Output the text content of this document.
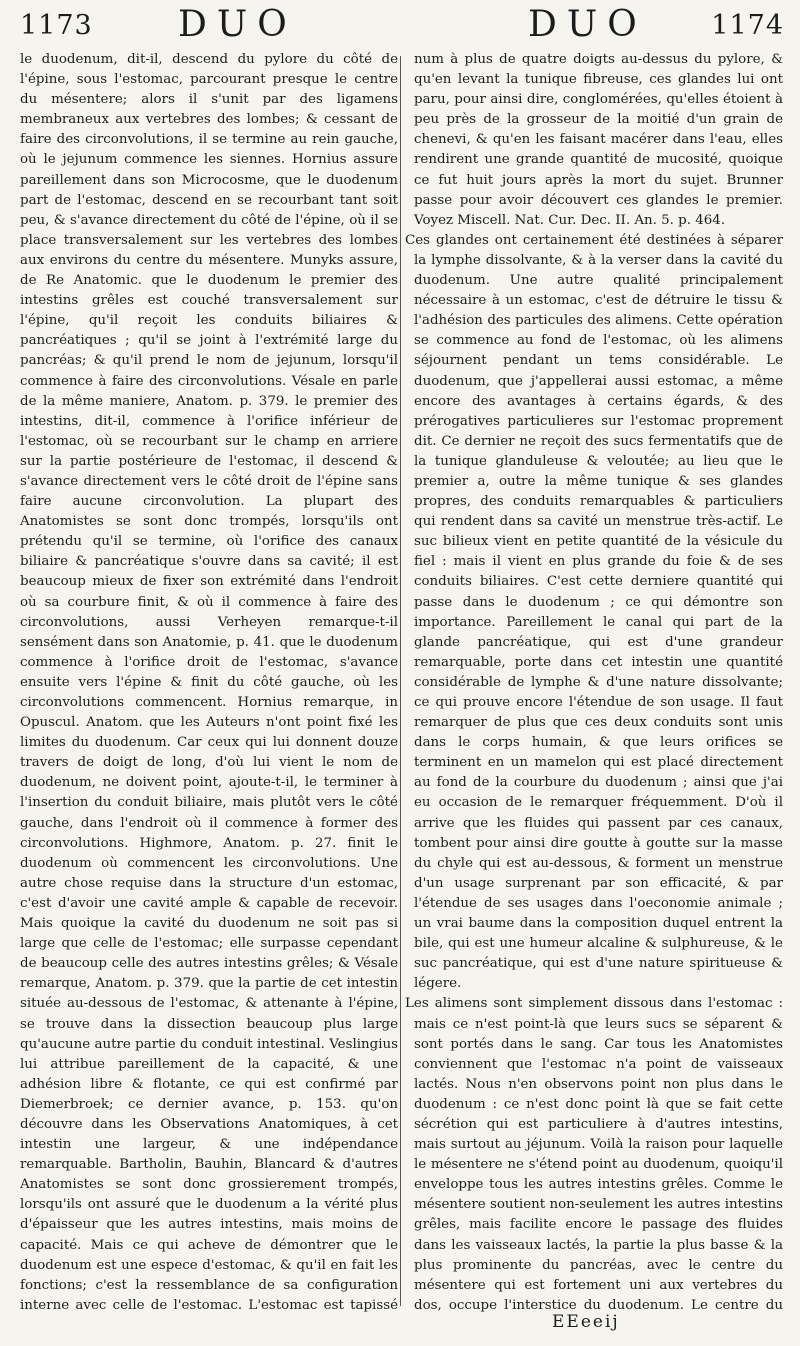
1173 DUO	DUO 1174

le duodenum, dit-il, descend du pylore du côté de l'épine, sous l'estomac, parcourant presque le centre du mésentere; alors il s'unit par des ligamens membraneux aux vertebres des lombes; & cessant de faire des circonvolutions, il se termine au rein gauche, où le jejunum commence les siennes. Hornius assure pareillement dans son Microcosme, que le duodenum part de l'estomac, descend en se recourbant tant soit peu, & s'avance directement du côté de l'épine, où il se place transversalement sur les vertebres des lombes aux environs du centre du mésentere. Munyks assure, de Re Anatomic. que le duodenum le premier des intestins grêles est couché transversalement sur l'épine, qu'il reçoit les conduits biliaires & pancréatiques ; qu'il se joint à l'extrémité large du pancréas; & qu'il prend le nom de jejunum, lorsqu'il commence à faire des circonvolutions. Vésale en parle de la même maniere, Anatom. p. 379. le premier des intestins, dit-il, commence à l'orifice inférieur de l'estomac, où se recourbant sur le champ en arriere sur la partie postérieure de l'estomac, il descend & s'avance directement vers le côté droit de l'épine sans faire aucune circonvolution. La plupart des Anatomistes se sont donc trompés, lorsqu'ils ont prétendu qu'il se termine, où l'orifice des canaux biliaire & pancréatique s'ouvre dans sa cavité; il est beaucoup mieux de fixer son extrémité dans l'endroit où sa courbure finit, & où il commence à faire des circonvolutions, aussi Verheyen remarque-t-il sensément dans son Anatomie, p. 41. que le duodenum commence à l'orifice droit de l'estomac, s'avance ensuite vers l'épine & finit du côté gauche, où les circonvolutions commencent. Hornius remarque, in Opuscul. Anatom. que les Auteurs n'ont point fixé les limites du duodenum. Car ceux qui lui donnent douze travers de doigt de long, d'où lui vient le nom de duodenum, ne doivent point, ajoute-t-il, le terminer à l'insertion du conduit biliaire, mais plutôt vers le côté gauche, dans l'endroit où il commence à former des circonvolutions. Highmore, Anatom. p. 27. finit le duodenum où commencent les circonvolutions. Une autre chose requise dans la structure d'un estomac, c'est d'avoir une cavité ample & capable de recevoir. Mais quoique la cavité du duodenum ne soit pas si large que celle de l'estomac; elle surpasse cependant de beaucoup celle des autres intestins grêles; & Vésale remarque, Anatom. p. 379. que la partie de cet intestin située au-dessous de l'estomac, & attenante à l'épine, se trouve dans la dissection beaucoup plus large qu'aucune autre partie du conduit intestinal. Veslingius lui attribue pareillement de la capacité, & une adhésion libre & flotante, ce qui est confirmé par Diemerbroek; ce dernier avance, p. 153. qu'on découvre dans les Observations Anatomiques, à cet intestin une largeur, & une indépendance remarquable. Bartholin, Bauhin, Blancard & d'autres Anatomistes se sont donc grossierement trompés, lorsqu'ils ont assuré que le duodenum a la vérité plus d'épaisseur que les autres intestins, mais moins de capacité. Mais ce qui acheve de démontrer que le duodenum est une espece d'estomac, & qu'il en fait les fonctions; c'est la ressemblance de sa configuration interne avec celle de l'estomac. L'estomac est tapissé

num à plus de quatre doigts au-dessus du pylore, & qu'en levant la tunique fibreuse, ces glandes lui ont paru, pour ainsi dire, conglomérées, qu'elles étoient à peu près de la grosseur de la moitié d'un grain de chenevi, & qu'en les faisant macérer dans l'eau, elles rendirent une grande quantité de mucosité, quoique ce fut huit jours après la mort du sujet. Brunner passe pour avoir découvert ces glandes le premier. Voyez Miscell. Nat. Cur. Dec. II. An. 5. p. 464.

Ces glandes ont certainement été destinées à séparer la lymphe dissolvante, & à la verser dans la cavité du duodenum. Une autre qualité principalement nécessaire à un estomac, c'est de détruire le tissu & l'adhésion des particules des alimens. Cette opération se commence au fond de l'estomac, où les alimens séjournent pendant un tems considérable. Le duodenum, que j'appellerai aussi estomac, a même encore des avantages à certains égards, & des prérogatives particulieres sur l'estomac proprement dit. Ce dernier ne reçoit des sucs fermentatifs que de la tunique glanduleuse & veloutée; au lieu que le premier a, outre la même tunique & ses glandes propres, des conduits remarquables & particuliers qui rendent dans sa cavité un menstrue très-actif. Le suc bilieux vient en petite quantité de la vésicule du fiel : mais il vient en plus grande du foie & de ses conduits biliaires. C'est cette derniere quantité qui passe dans le duodenum ; ce qui démontre son importance. Pareillement le canal qui part de la glande pancréatique, qui est d'une grandeur remarquable, porte dans cet intestin une quantité considérable de lymphe & d'une nature dissolvante; ce qui prouve encore l'étendue de son usage. Il faut remarquer de plus que ces deux conduits sont unis dans le corps humain, & que leurs orifices se terminent en un mamelon qui est placé directement au fond de la courbure du duodenum ; ainsi que j'ai eu occasion de le remarquer fréquemment. D'où il arrive que les fluides qui passent par ces canaux, tombent pour ainsi dire goutte à goutte sur la masse du chyle qui est au-dessous, & forment un menstrue d'un usage surprenant par son efficacité, & par l'étendue de ses usages dans l'oeconomie animale ; un vrai baume dans la composition duquel entrent la bile, qui est une humeur alcaline & sulphureuse, & le suc pancréatique, qui est d'une nature spiritueuse & légere.

Les alimens sont simplement dissous dans l'estomac : mais ce n'est point-là que leurs sucs se séparent & sont portés dans le sang. Car tous les Anatomistes conviennent que l'estomac n'a point de vaisseaux lactés. Nous n'en observons point non plus dans le duodenum : ce n'est donc point là que se fait cette sécrétion qui est particuliere à d'autres intestins, mais surtout au jéjunum. Voilà la raison pour laquelle le mésentere ne s'étend point au duodenum, quoiqu'il enveloppe tous les autres intestins grêles. Comme le mésentere soutient non-seulement les autres intestins grêles, mais facilite encore le passage des fluides dans les vaisseaux lactés, la partie la plus basse & la plus prominente du pancréas, avec le centre du mésentere qui est fortement uni aux vertebres du dos, occupe l'interstice du duodenum. Le centre du

EEeeij
